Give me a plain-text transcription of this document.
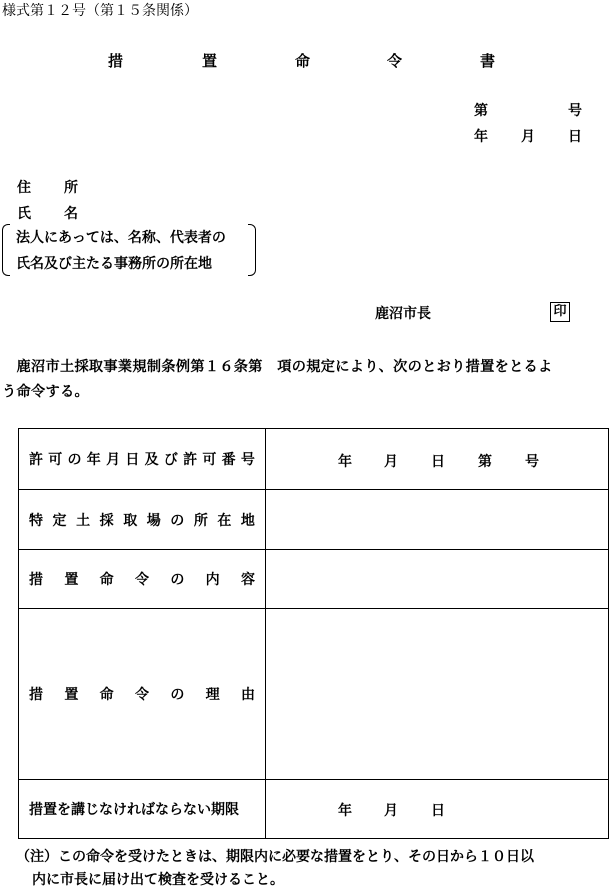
様式第１２号（第１５条関係）
措	置	命	令	書
第	号
年 月 日
住 所
氏 名
法人にあっては、名称、代表者の
氏名及び主たる事務所の所在地
鹿沼市長	印
　鹿沼市土採取事業規制条例第１６条第　項の規定により、次のとおり措置をとるよ
う命令する。
許 可 の 年 月 日 及 び 許 可 番 号	年 月 日 第 号
特 定 土 採 取 場 の 所 在 地
措 置 命 令 の 内 容
措 置 命 令 の 理 由
措置を講じなければならない期限	年 月 日
（注）この命令を受けたときは、期限内に必要な措置をとり、その日から１０日以
内に市長に届け出て検査を受けること。
